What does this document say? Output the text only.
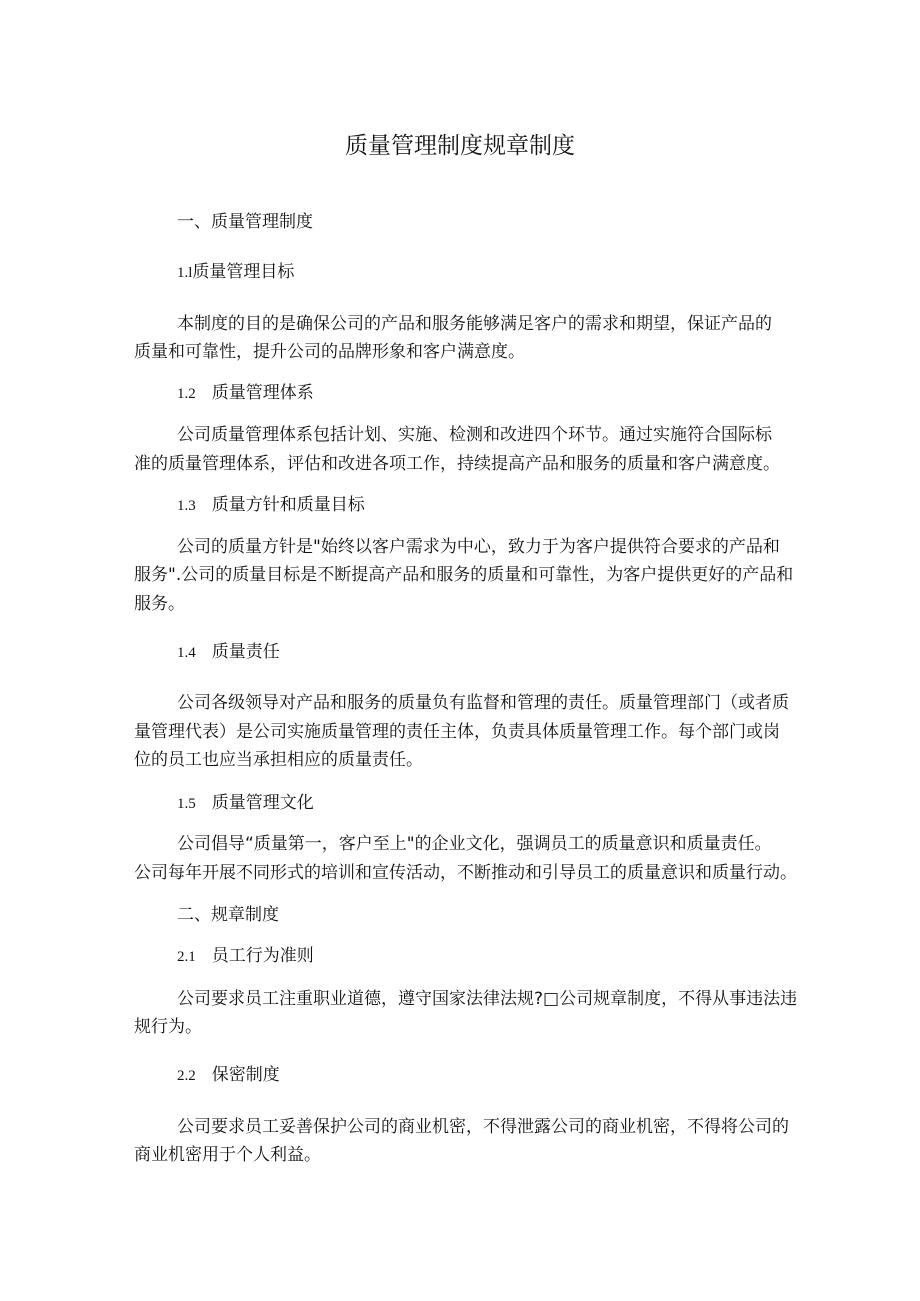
质量管理制度规章制度
一、质量管理制度
1.l质量管理目标
本制度的目的是确保公司的产品和服务能够满足客户的需求和期望，保证产品的
质量和可靠性，提升公司的品牌形象和客户满意度。
1.2 质量管理体系
公司质量管理体系包括计划、实施、检测和改进四个环节。通过实施符合国际标
准的质量管理体系，评估和改进各项工作，持续提高产品和服务的质量和客户满意度。
1.3 质量方针和质量目标
公司的质量方针是"始终以客户需求为中心，致力于为客户提供符合要求的产品和
服务".公司的质量目标是不断提高产品和服务的质量和可靠性，为客户提供更好的产品和
服务。
1.4 质量责任
公司各级领导对产品和服务的质量负有监督和管理的责任。质量管理部门（或者质
量管理代表）是公司实施质量管理的责任主体，负责具体质量管理工作。每个部门或岗
位的员工也应当承担相应的质量责任。
1.5 质量管理文化
公司倡导“质量第一，客户至上"的企业文化，强调员工的质量意识和质量责任。
公司每年开展不同形式的培训和宣传活动，不断推动和引导员工的质量意识和质量行动。
二、规章制度
2.1 员工行为准则
公司要求员工注重职业道德，遵守国家法律法规?□公司规章制度，不得从事违法违
规行为。
2.2 保密制度
公司要求员工妥善保护公司的商业机密，不得泄露公司的商业机密，不得将公司的
商业机密用于个人利益。
